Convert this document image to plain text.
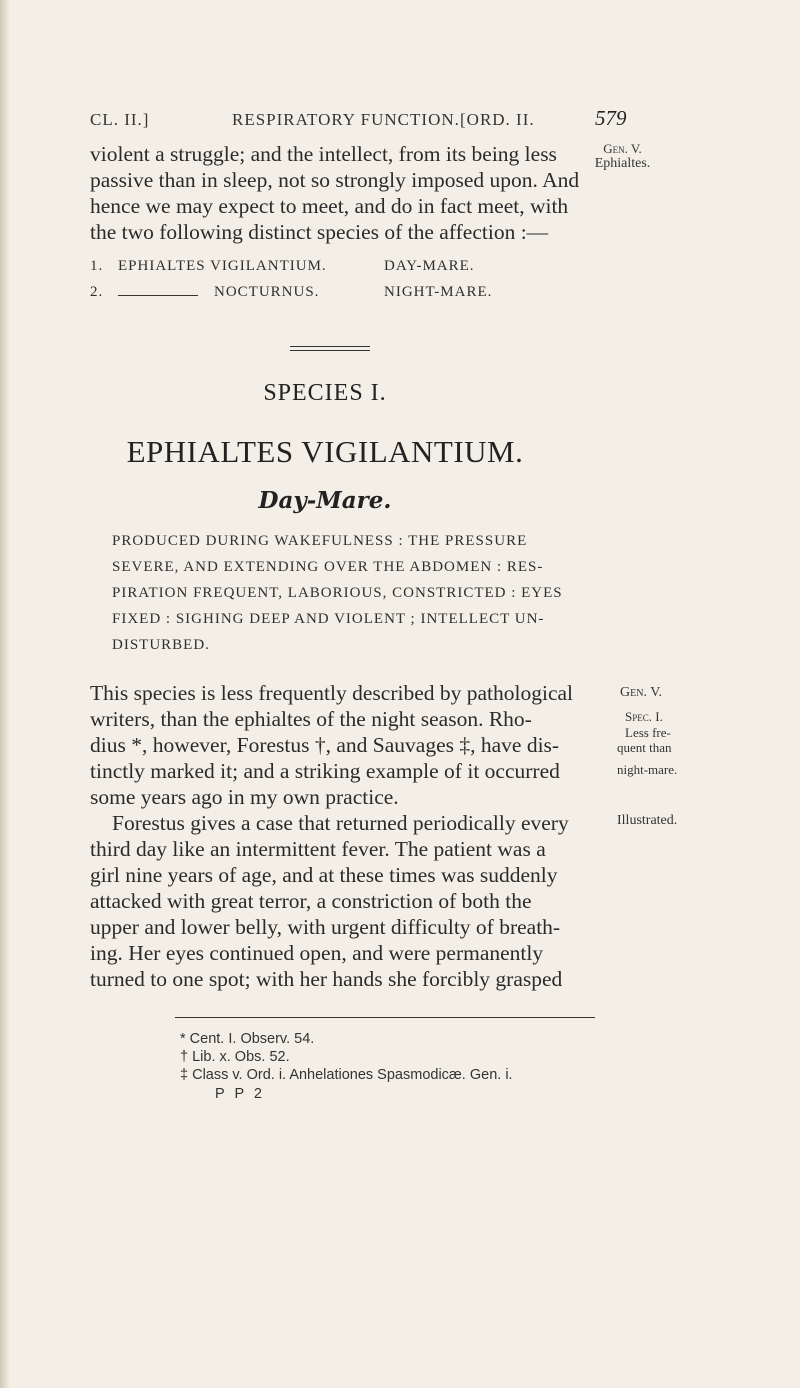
CL. II.]	RESPIRATORY FUNCTION. [ORD. II.	579
violent a struggle; and the intellect, from its being less
passive than in sleep, not so strongly imposed upon. And
hence we may expect to meet, and do in fact meet, with
the two following distinct species of the affection :—
Gen. V.
Ephialtes.
1. EPHIALTES VIGILANTIUM.	DAY-MARE.
2.	NOCTURNUS.	NIGHT-MARE.
SPECIES I.
EPHIALTES VIGILANTIUM.
Day-Mare.
PRODUCED DURING WAKEFULNESS : THE PRESSURE
SEVERE, AND EXTENDING OVER THE ABDOMEN : RES-
PIRATION FREQUENT, LABORIOUS, CONSTRICTED : EYES
FIXED : SIGHING DEEP AND VIOLENT ; INTELLECT UN-
DISTURBED.
This species is less frequently described by pathological
writers, than the ephialtes of the night season. Rho-
dius *, however, Forestus †, and Sauvages ‡, have dis-
tinctly marked it; and a striking example of it occurred
some years ago in my own practice.
Forestus gives a case that returned periodically every
third day like an intermittent fever. The patient was a
girl nine years of age, and at these times was suddenly
attacked with great terror, a constriction of both the
upper and lower belly, with urgent difficulty of breath-
ing. Her eyes continued open, and were permanently
turned to one spot; with her hands she forcibly grasped
Gen. V.
Spec. I.
Less fre-
quent than
night-mare.
Illustrated.
* Cent. I. Observ. 54.
† Lib. x. Obs. 52.
‡ Class v. Ord. i. Anhelationes Spasmodicæ. Gen. i.
P P 2
